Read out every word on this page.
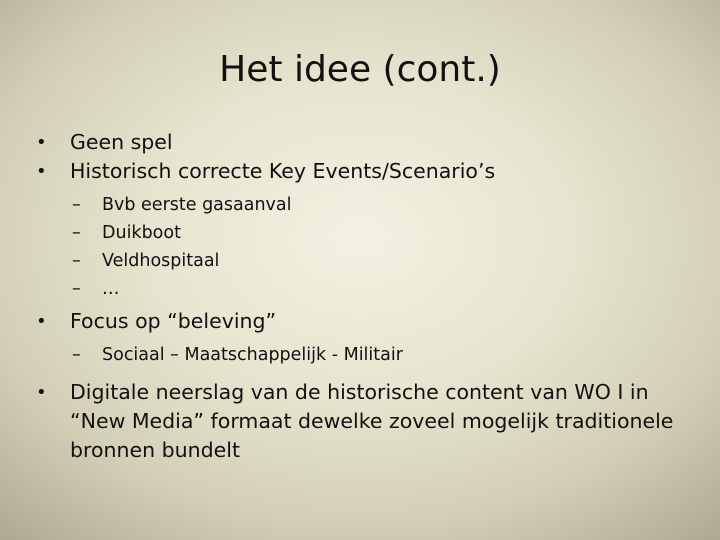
Het idee (cont.)
• Geen spel
• Historisch correcte Key Events/Scenario’s
– Bvb eerste gasaanval
– Duikboot
– Veldhospitaal
– …
• Focus op “beleving”
– Sociaal – Maatschappelijk - Militair
• Digitale neerslag van de historische content van WO I in “New Media” formaat dewelke zoveel mogelijk traditionele bronnen bundelt
